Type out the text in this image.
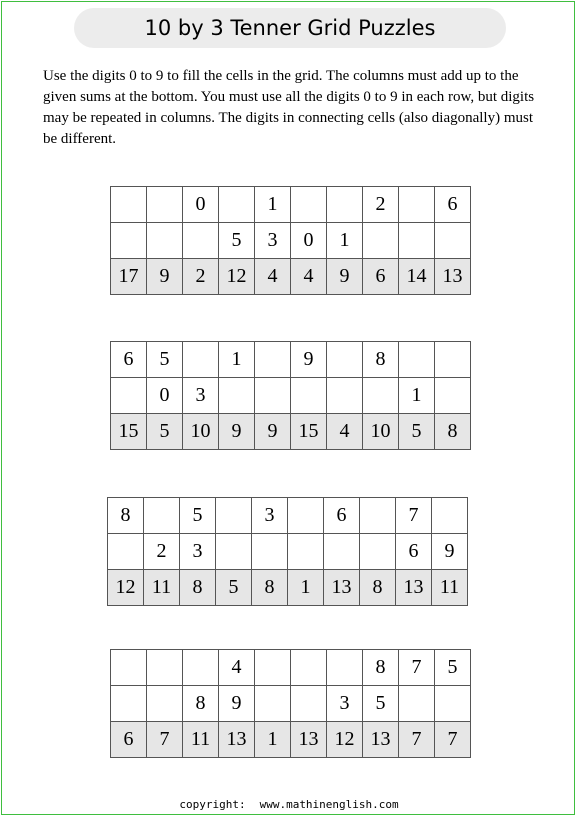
10 by 3 Tenner Grid Puzzles
Use the digits 0 to 9 to fill the cells in the grid. The columns must add up to the given sums at the bottom. You must use all the digits 0 to 9 in each row, but digits may be repeated in columns. The digits in connecting cells (also diagonally) must be different.
		0		1			2		6
			5	3	0	1			
17	9	2	12	4	4	9	6	14	13
6	5		1		9		8		
	0	3						1	
15	5	10	9	9	15	4	10	5	8
8		5		3		6		7	
	2	3						6	9
12	11	8	5	8	1	13	8	13	11
			4				8	7	5
		8	9			3	5		
6	7	11	13	1	13	12	13	7	7
copyright: www.mathinenglish.com
